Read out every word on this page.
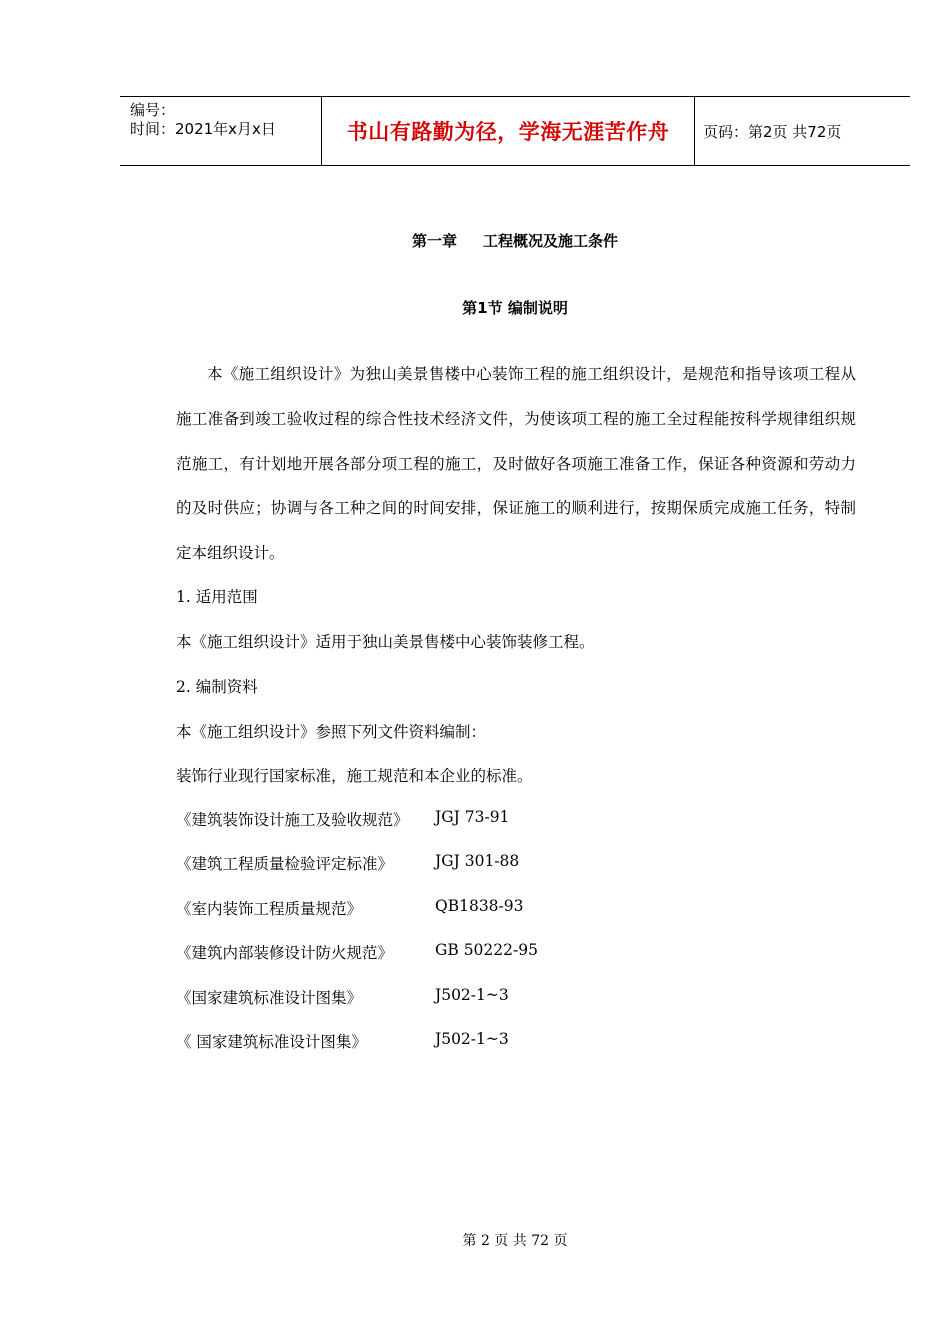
编号：
时间：2021年x月x日	书山有路勤为径，学海无涯苦作舟 页码：第2页 共72页
第一章 工程概况及施工条件
第1节 编制说明
本《施工组织设计》为独山美景售楼中心装饰工程的施工组织设计，是规范和指导该项工程从施工准备到竣工验收过程的综合性技术经济文件，为使该项工程的施工全过程能按科学规律组织规范施工，有计划地开展各部分项工程的施工，及时做好各项施工准备工作，保证各种资源和劳动力的及时供应；协调与各工种之间的时间安排，保证施工的顺利进行，按期保质完成施工任务，特制定本组织设计。
1. 适用范围
本《施工组织设计》适用于独山美景售楼中心装饰装修工程。
2. 编制资料
本《施工组织设计》参照下列文件资料编制：
装饰行业现行国家标准，施工规范和本企业的标准。
《建筑装饰设计施工及验收规范》 JGJ 73-91
《建筑工程质量检验评定标准》	JGJ 301-88
《室内装饰工程质量规范》	QB1838-93
《建筑内部装修设计防火规范》	GB 50222-95
《国家建筑标准设计图集》	J502-1~3
《 国家建筑标准设计图集》	J502-1~3
第 2 页 共 72 页
